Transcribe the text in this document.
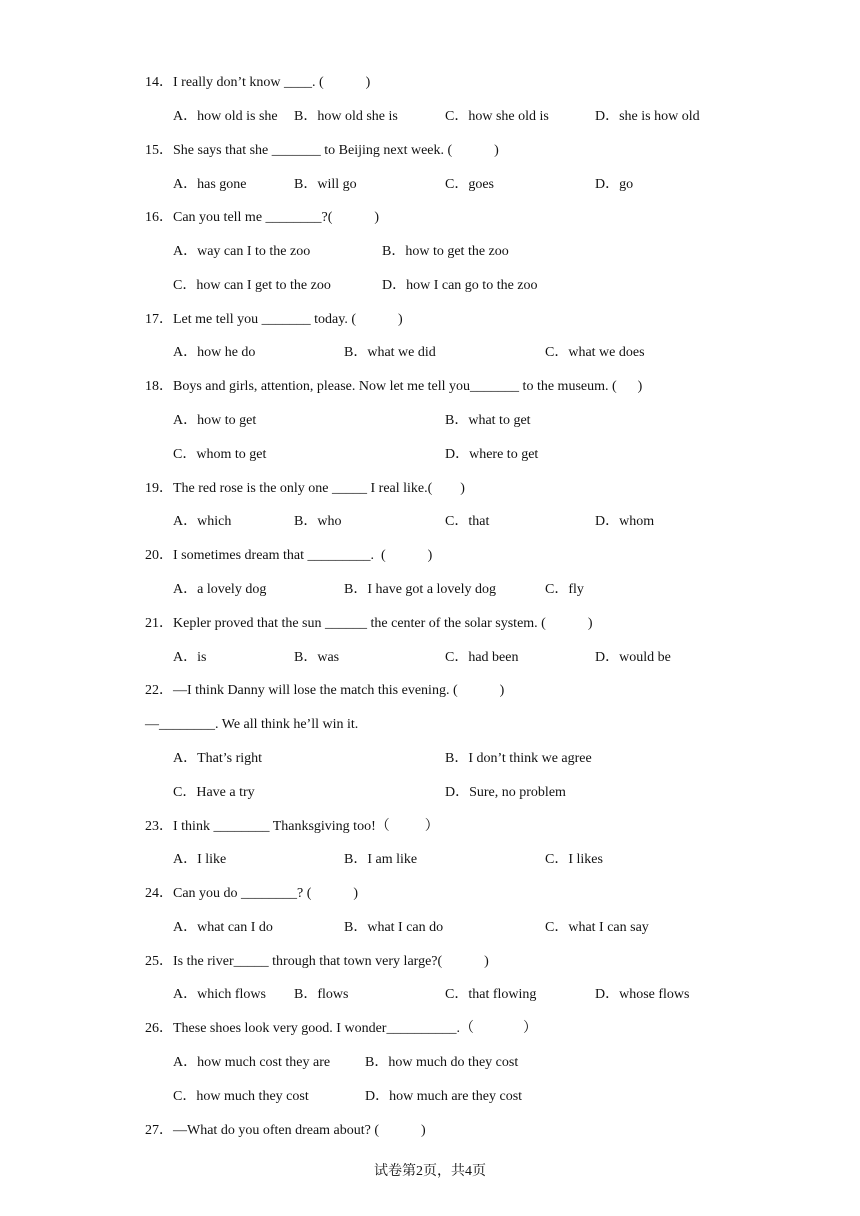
14．I really don’t know ____. (            )
A．how old is she B．how old she is	C．how she old is	D．she is how old
15．She says that she _______ to Beijing next week. (            )
A．has gone	B．will go	C．goes	D．go
16．Can you tell me ________?(            )
A．way can I to the zoo	B．how to get the zoo
C．how can I get to the zoo	D．how I can go to the zoo
17．Let me tell you _______ today. (            )
A．how he do	B．what we did	C．what we does
18．Boys and girls, attention, please. Now let me tell you_______ to the museum. (      )
A．how to get	B．what to get
C．whom to get	D．where to get
19．The red rose is the only one _____ I real like.(        )
A．which	B．who	C．that	D．whom
20．I sometimes dream that _________.  (            )
A．a lovely dog	B．I have got a lovely dog	C．fly
21．Kepler proved that the sun ______ the center of the solar system. (            )
A．is	B．was	C．had been	D．would be
22．—I think Danny will lose the match this evening. (            )
—________. We all think he’ll win it.
A．That’s right	B．I don’t think we agree
C．Have a try	D．Sure, no problem
23．I think ________ Thanksgiving too!（          ）
A．I like	B．I am like	C．I likes
24．Can you do ________? (            )
A．what can I do	B．what I can do	C．what I can say
25．Is the river_____ through that town very large?(            )
A．which flows B．flows	C．that flowing	D．whose flows
26．These shoes look very good. I wonder__________.（              ）
A．how much cost they are B．how much do they cost
C．how much they cost	D．how much are they cost
27．—What do you often dream about? (            )
试卷第2页，共4页
